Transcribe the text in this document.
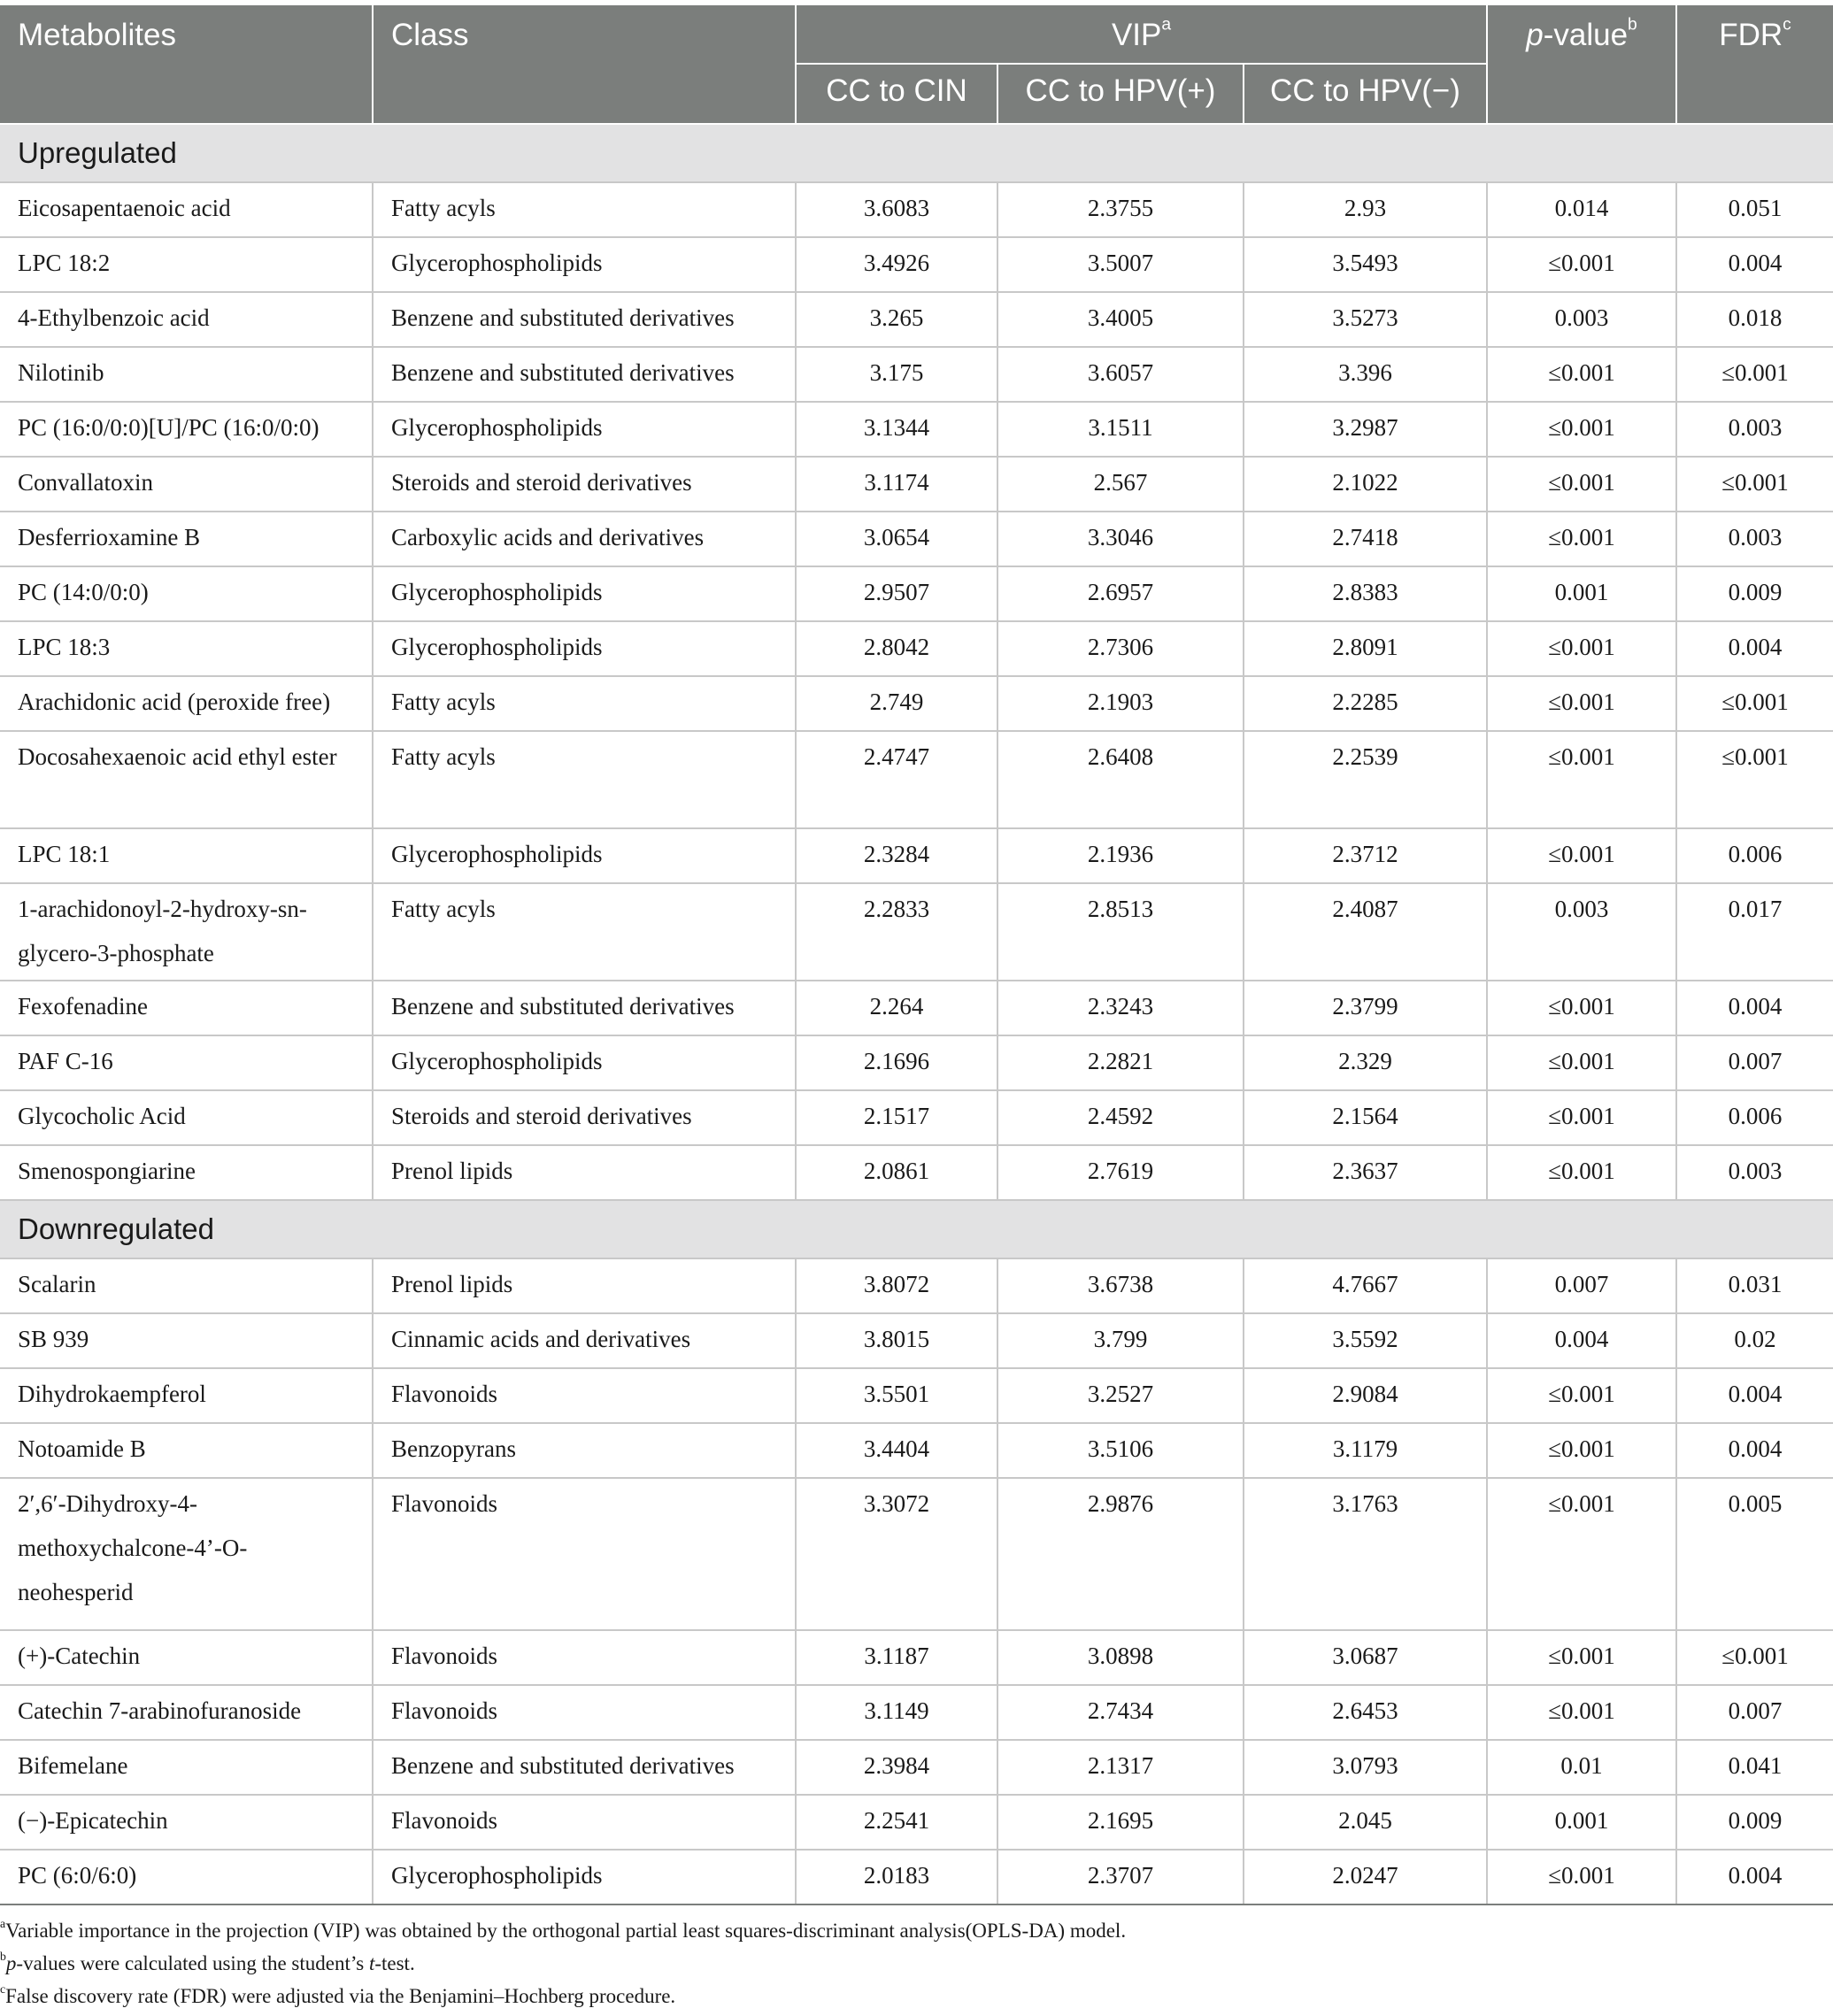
Metabolites	Class	VIP$^a$			p-value$^b$	FDR$^c$
		CC to CIN	CC to HPV(+)	CC to HPV(−)		
Upregulated						
Eicosapentaenoic acid	Fatty acyls	3.6083	2.3755	2.93	0.014	0.051
LPC 18:2	Glycerophospholipids	3.4926	3.5007	3.5493	≤0.001	0.004
4-Ethylbenzoic acid	Benzene and substituted derivatives	3.265	3.4005	3.5273	0.003	0.018
Nilotinib	Benzene and substituted derivatives	3.175	3.6057	3.396	≤0.001	≤0.001
PC (16:0/0:0)[U]/PC (16:0/0:0)	Glycerophospholipids	3.1344	3.1511	3.2987	≤0.001	0.003
Convallatoxin	Steroids and steroid derivatives	3.1174	2.567	2.1022	≤0.001	≤0.001
Desferrioxamine B	Carboxylic acids and derivatives	3.0654	3.3046	2.7418	≤0.001	0.003
PC (14:0/0:0)	Glycerophospholipids	2.9507	2.6957	2.8383	0.001	0.009
LPC 18:3	Glycerophospholipids	2.8042	2.7306	2.8091	≤0.001	0.004
Arachidonic acid (peroxide free)	Fatty acyls	2.749	2.1903	2.2285	≤0.001	≤0.001
Docosahexaenoic acid ethyl ester	Fatty acyls	2.4747	2.6408	2.2539	≤0.001	≤0.001
LPC 18:1	Glycerophospholipids	2.3284	2.1936	2.3712	≤0.001	0.006
1-arachidonoyl-2-hydroxy-sn-glycero-3-phosphate	Fatty acyls	2.2833	2.8513	2.4087	0.003	0.017
Fexofenadine	Benzene and substituted derivatives	2.264	2.3243	2.3799	≤0.001	0.004
PAF C-16	Glycerophospholipids	2.1696	2.2821	2.329	≤0.001	0.007
Glycocholic Acid	Steroids and steroid derivatives	2.1517	2.4592	2.1564	≤0.001	0.006
Smenospongiarine	Prenol lipids	2.0861	2.7619	2.3637	≤0.001	0.003
Downregulated						
Scalarin	Prenol lipids	3.8072	3.6738	4.7667	0.007	0.031
SB 939	Cinnamic acids and derivatives	3.8015	3.799	3.5592	0.004	0.02
Dihydrokaempferol	Flavonoids	3.5501	3.2527	2.9084	≤0.001	0.004
Notoamide B	Benzopyrans	3.4404	3.5106	3.1179	≤0.001	0.004
2′,6′-Dihydroxy-4-methoxychalcone-4’-O-neohesperid	Flavonoids	3.3072	2.9876	3.1763	≤0.001	0.005
(+)-Catechin	Flavonoids	3.1187	3.0898	3.0687	≤0.001	≤0.001
Catechin 7-arabinofuranoside	Flavonoids	3.1149	2.7434	2.6453	≤0.001	0.007
Bifemelane	Benzene and substituted derivatives	2.3984	2.1317	3.0793	0.01	0.041
(−)-Epicatechin	Flavonoids	2.2541	2.1695	2.045	0.001	0.009
PC (6:0/6:0)	Glycerophospholipids	2.0183	2.3707	2.0247	≤0.001	0.004
$^a$Variable importance in the projection (VIP) was obtained by the orthogonal partial least squares-discriminant analysis(OPLS-DA) model.
$^b$p-values were calculated using the student’s t-test.
$^c$False discovery rate (FDR) were adjusted via the Benjamini–Hochberg procedure.
